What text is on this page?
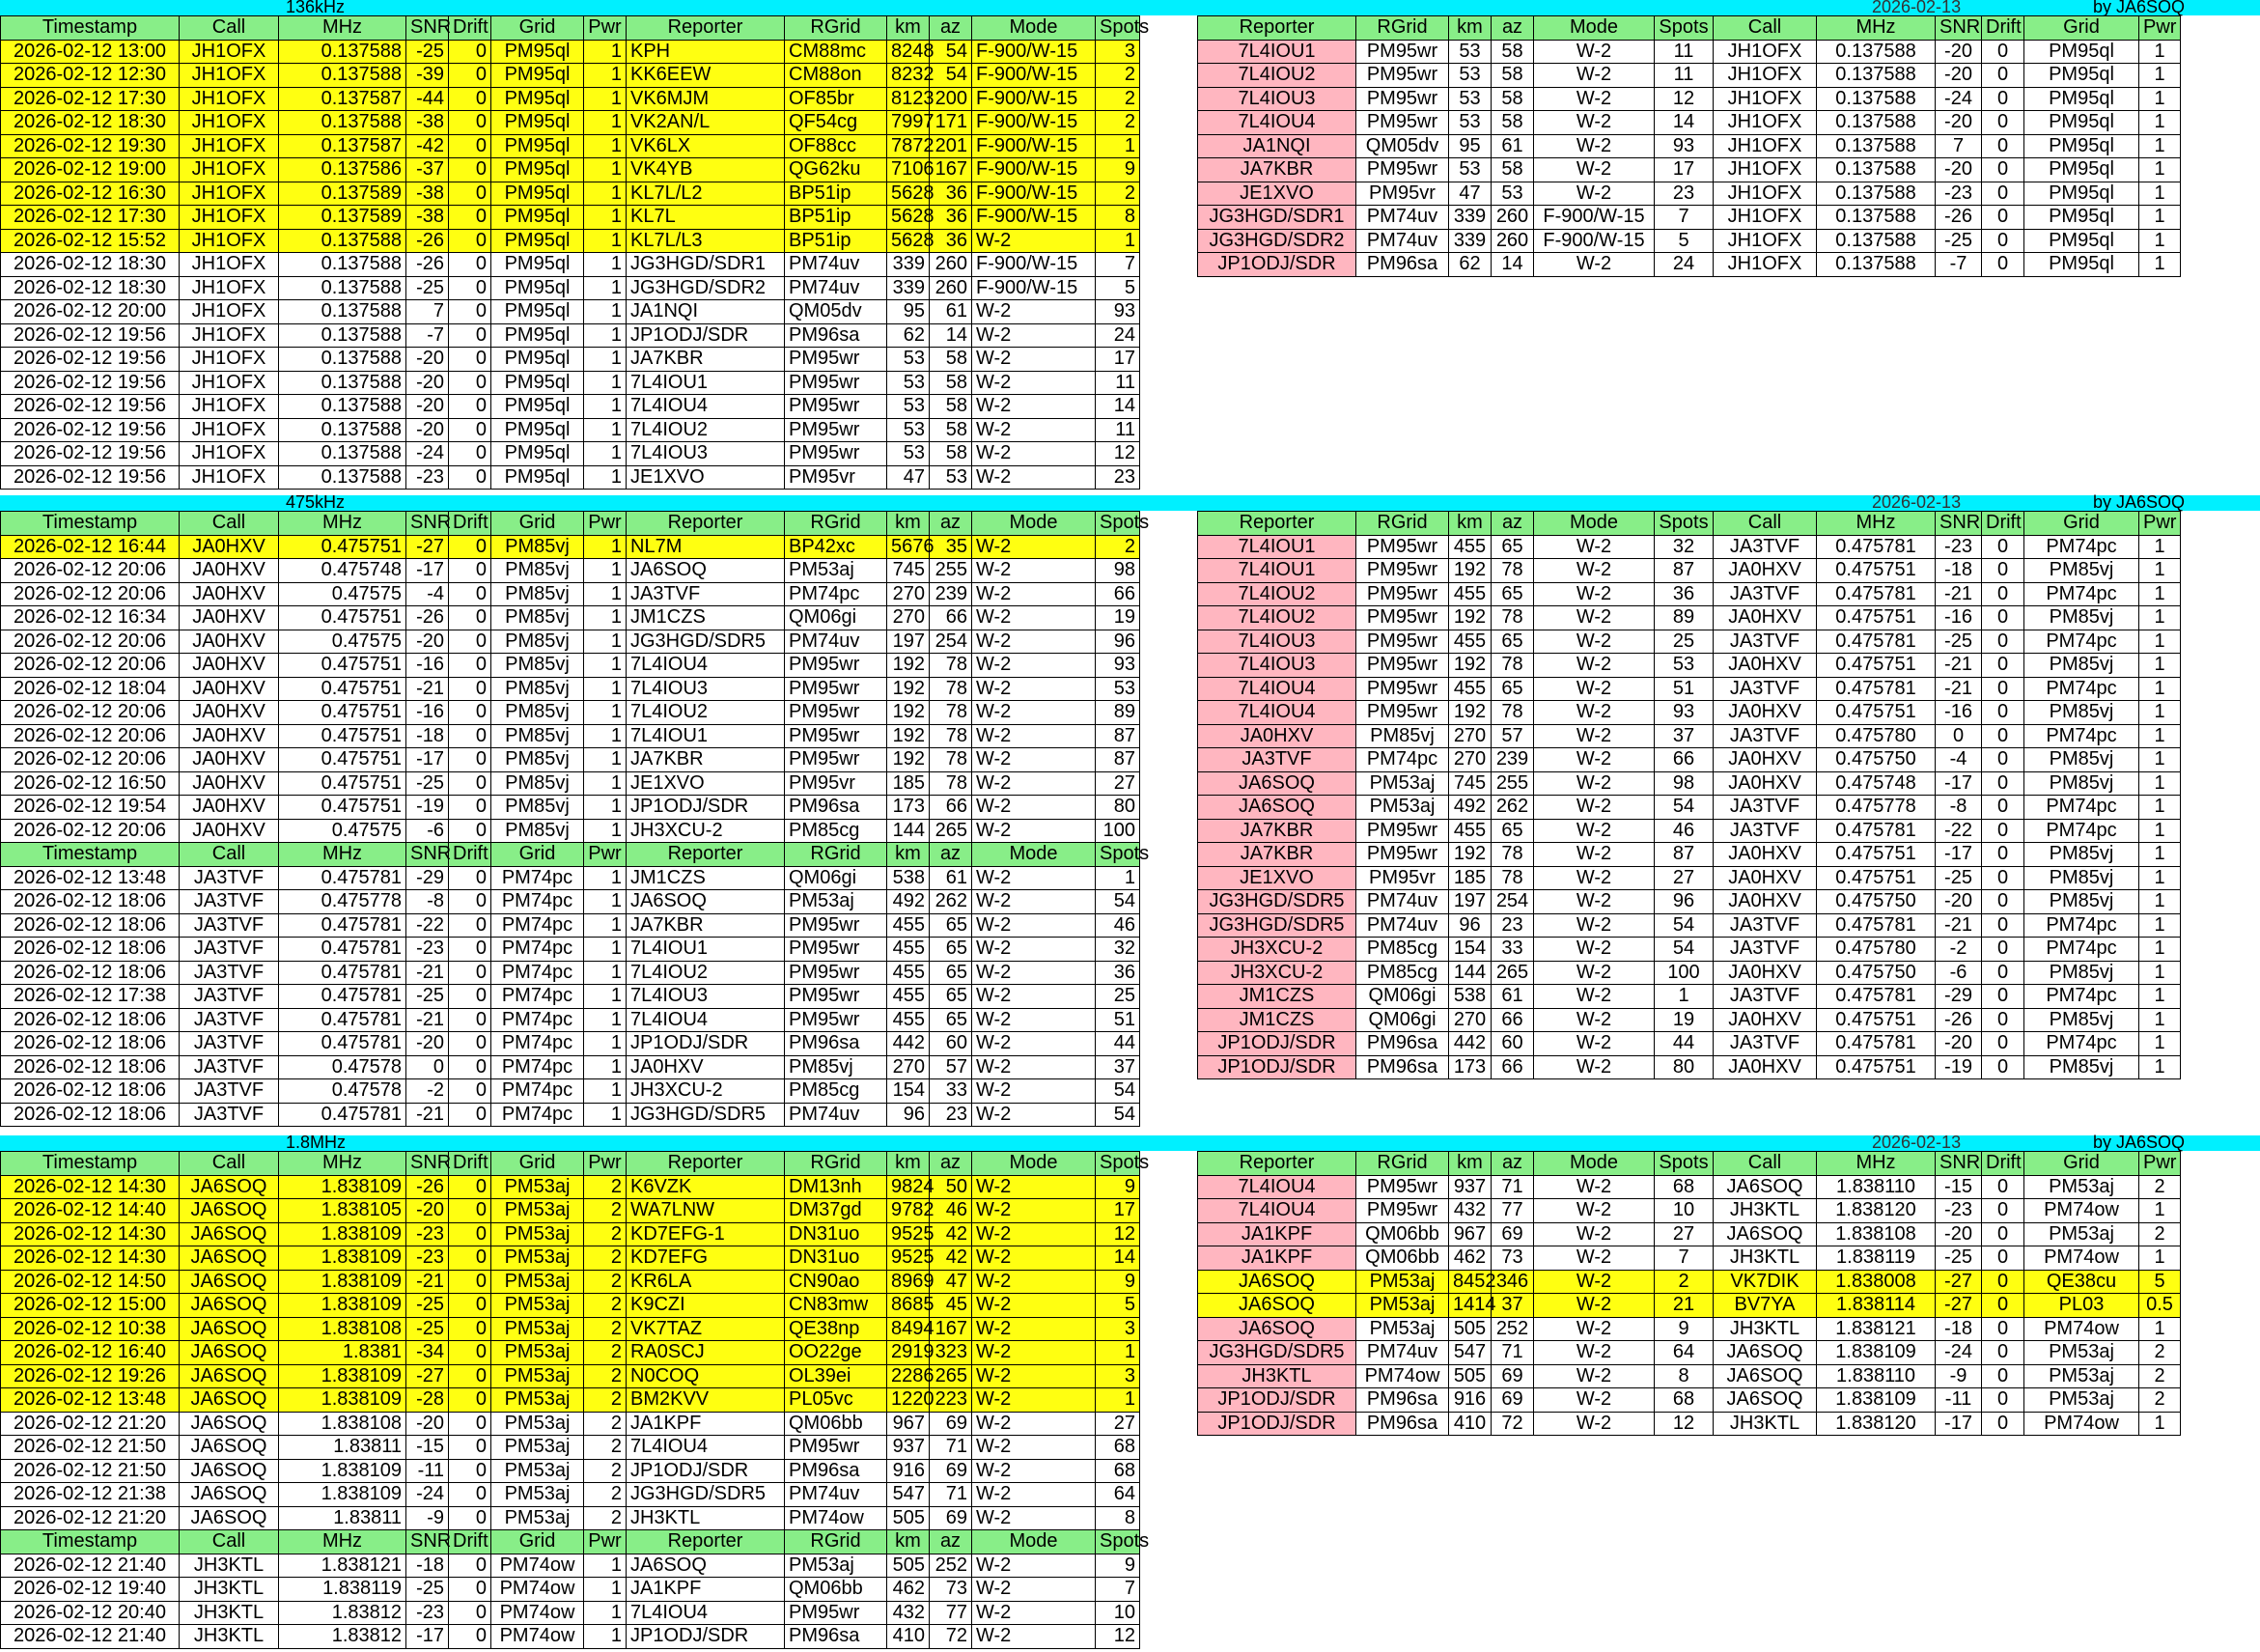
136kHz	2026-02-13	by JA6SOQ
Timestamp	Call	MHz	SNR	Drift	Grid	Pwr	Reporter	RGrid	km	az	Mode	Spots
2026-02-12 13:00	JH1OFX	0.137588	-25	0	PM95ql	1	KPH	CM88mc	8248	54	F-900/W-15	3
2026-02-12 12:30	JH1OFX	0.137588	-39	0	PM95ql	1	KK6EEW	CM88on	8232	54	F-900/W-15	2
2026-02-12 17:30	JH1OFX	0.137587	-44	0	PM95ql	1	VK6MJM	OF85br	8123	200	F-900/W-15	2
2026-02-12 18:30	JH1OFX	0.137588	-38	0	PM95ql	1	VK2AN/L	QF54cg	7997	171	F-900/W-15	2
2026-02-12 19:30	JH1OFX	0.137587	-42	0	PM95ql	1	VK6LX	OF88cc	7872	201	F-900/W-15	1
2026-02-12 19:00	JH1OFX	0.137586	-37	0	PM95ql	1	VK4YB	QG62ku	7106	167	F-900/W-15	9
2026-02-12 16:30	JH1OFX	0.137589	-38	0	PM95ql	1	KL7L/L2	BP51ip	5628	36	F-900/W-15	2
2026-02-12 17:30	JH1OFX	0.137589	-38	0	PM95ql	1	KL7L	BP51ip	5628	36	F-900/W-15	8
2026-02-12 15:52	JH1OFX	0.137588	-26	0	PM95ql	1	KL7L/L3	BP51ip	5628	36	W-2	1
2026-02-12 18:30	JH1OFX	0.137588	-26	0	PM95ql	1	JG3HGD/SDR1	PM74uv	339	260	F-900/W-15	7
2026-02-12 18:30	JH1OFX	0.137588	-25	0	PM95ql	1	JG3HGD/SDR2	PM74uv	339	260	F-900/W-15	5
2026-02-12 20:00	JH1OFX	0.137588	7	0	PM95ql	1	JA1NQI	QM05dv	95	61	W-2	93
2026-02-12 19:56	JH1OFX	0.137588	-7	0	PM95ql	1	JP1ODJ/SDR	PM96sa	62	14	W-2	24
2026-02-12 19:56	JH1OFX	0.137588	-20	0	PM95ql	1	JA7KBR	PM95wr	53	58	W-2	17
2026-02-12 19:56	JH1OFX	0.137588	-20	0	PM95ql	1	7L4IOU1	PM95wr	53	58	W-2	11
2026-02-12 19:56	JH1OFX	0.137588	-20	0	PM95ql	1	7L4IOU4	PM95wr	53	58	W-2	14
2026-02-12 19:56	JH1OFX	0.137588	-20	0	PM95ql	1	7L4IOU2	PM95wr	53	58	W-2	11
2026-02-12 19:56	JH1OFX	0.137588	-24	0	PM95ql	1	7L4IOU3	PM95wr	53	58	W-2	12
2026-02-12 19:56	JH1OFX	0.137588	-23	0	PM95ql	1	JE1XVO	PM95vr	47	53	W-2	23
Reporter	RGrid	km	az	Mode	Spots	Call	MHz	SNR	Drift	Grid	Pwr
7L4IOU1	PM95wr	53	58	W-2	11	JH1OFX	0.137588	-20	0	PM95ql	1
7L4IOU2	PM95wr	53	58	W-2	11	JH1OFX	0.137588	-20	0	PM95ql	1
7L4IOU3	PM95wr	53	58	W-2	12	JH1OFX	0.137588	-24	0	PM95ql	1
7L4IOU4	PM95wr	53	58	W-2	14	JH1OFX	0.137588	-20	0	PM95ql	1
JA1NQI	QM05dv	95	61	W-2	93	JH1OFX	0.137588	7	0	PM95ql	1
JA7KBR	PM95wr	53	58	W-2	17	JH1OFX	0.137588	-20	0	PM95ql	1
JE1XVO	PM95vr	47	53	W-2	23	JH1OFX	0.137588	-23	0	PM95ql	1
JG3HGD/SDR1	PM74uv	339	260	F-900/W-15	7	JH1OFX	0.137588	-26	0	PM95ql	1
JG3HGD/SDR2	PM74uv	339	260	F-900/W-15	5	JH1OFX	0.137588	-25	0	PM95ql	1
JP1ODJ/SDR	PM96sa	62	14	W-2	24	JH1OFX	0.137588	-7	0	PM95ql	1
475kHz	2026-02-13	by JA6SOQ
Timestamp	Call	MHz	SNR	Drift	Grid	Pwr	Reporter	RGrid	km	az	Mode	Spots
2026-02-12 16:44	JA0HXV	0.475751	-27	0	PM85vj	1	NL7M	BP42xc	5676	35	W-2	2
2026-02-12 20:06	JA0HXV	0.475748	-17	0	PM85vj	1	JA6SOQ	PM53aj	745	255	W-2	98
2026-02-12 20:06	JA0HXV	0.47575	-4	0	PM85vj	1	JA3TVF	PM74pc	270	239	W-2	66
2026-02-12 16:34	JA0HXV	0.475751	-26	0	PM85vj	1	JM1CZS	QM06gi	270	66	W-2	19
2026-02-12 20:06	JA0HXV	0.47575	-20	0	PM85vj	1	JG3HGD/SDR5	PM74uv	197	254	W-2	96
2026-02-12 20:06	JA0HXV	0.475751	-16	0	PM85vj	1	7L4IOU4	PM95wr	192	78	W-2	93
2026-02-12 18:04	JA0HXV	0.475751	-21	0	PM85vj	1	7L4IOU3	PM95wr	192	78	W-2	53
2026-02-12 20:06	JA0HXV	0.475751	-16	0	PM85vj	1	7L4IOU2	PM95wr	192	78	W-2	89
2026-02-12 20:06	JA0HXV	0.475751	-18	0	PM85vj	1	7L4IOU1	PM95wr	192	78	W-2	87
2026-02-12 20:06	JA0HXV	0.475751	-17	0	PM85vj	1	JA7KBR	PM95wr	192	78	W-2	87
2026-02-12 16:50	JA0HXV	0.475751	-25	0	PM85vj	1	JE1XVO	PM95vr	185	78	W-2	27
2026-02-12 19:54	JA0HXV	0.475751	-19	0	PM85vj	1	JP1ODJ/SDR	PM96sa	173	66	W-2	80
2026-02-12 20:06	JA0HXV	0.47575	-6	0	PM85vj	1	JH3XCU-2	PM85cg	144	265	W-2	100
Timestamp	Call	MHz	SNR	Drift	Grid	Pwr	Reporter	RGrid	km	az	Mode	Spots
2026-02-12 13:48	JA3TVF	0.475781	-29	0	PM74pc	1	JM1CZS	QM06gi	538	61	W-2	1
2026-02-12 18:06	JA3TVF	0.475778	-8	0	PM74pc	1	JA6SOQ	PM53aj	492	262	W-2	54
2026-02-12 18:06	JA3TVF	0.475781	-22	0	PM74pc	1	JA7KBR	PM95wr	455	65	W-2	46
2026-02-12 18:06	JA3TVF	0.475781	-23	0	PM74pc	1	7L4IOU1	PM95wr	455	65	W-2	32
2026-02-12 18:06	JA3TVF	0.475781	-21	0	PM74pc	1	7L4IOU2	PM95wr	455	65	W-2	36
2026-02-12 17:38	JA3TVF	0.475781	-25	0	PM74pc	1	7L4IOU3	PM95wr	455	65	W-2	25
2026-02-12 18:06	JA3TVF	0.475781	-21	0	PM74pc	1	7L4IOU4	PM95wr	455	65	W-2	51
2026-02-12 18:06	JA3TVF	0.475781	-20	0	PM74pc	1	JP1ODJ/SDR	PM96sa	442	60	W-2	44
2026-02-12 18:06	JA3TVF	0.47578	0	0	PM74pc	1	JA0HXV	PM85vj	270	57	W-2	37
2026-02-12 18:06	JA3TVF	0.47578	-2	0	PM74pc	1	JH3XCU-2	PM85cg	154	33	W-2	54
2026-02-12 18:06	JA3TVF	0.475781	-21	0	PM74pc	1	JG3HGD/SDR5	PM74uv	96	23	W-2	54
Reporter	RGrid	km	az	Mode	Spots	Call	MHz	SNR	Drift	Grid	Pwr
7L4IOU1	PM95wr	455	65	W-2	32	JA3TVF	0.475781	-23	0	PM74pc	1
7L4IOU1	PM95wr	192	78	W-2	87	JA0HXV	0.475751	-18	0	PM85vj	1
7L4IOU2	PM95wr	455	65	W-2	36	JA3TVF	0.475781	-21	0	PM74pc	1
7L4IOU2	PM95wr	192	78	W-2	89	JA0HXV	0.475751	-16	0	PM85vj	1
7L4IOU3	PM95wr	455	65	W-2	25	JA3TVF	0.475781	-25	0	PM74pc	1
7L4IOU3	PM95wr	192	78	W-2	53	JA0HXV	0.475751	-21	0	PM85vj	1
7L4IOU4	PM95wr	455	65	W-2	51	JA3TVF	0.475781	-21	0	PM74pc	1
7L4IOU4	PM95wr	192	78	W-2	93	JA0HXV	0.475751	-16	0	PM85vj	1
JA0HXV	PM85vj	270	57	W-2	37	JA3TVF	0.475780	0	0	PM74pc	1
JA3TVF	PM74pc	270	239	W-2	66	JA0HXV	0.475750	-4	0	PM85vj	1
JA6SOQ	PM53aj	745	255	W-2	98	JA0HXV	0.475748	-17	0	PM85vj	1
JA6SOQ	PM53aj	492	262	W-2	54	JA3TVF	0.475778	-8	0	PM74pc	1
JA7KBR	PM95wr	455	65	W-2	46	JA3TVF	0.475781	-22	0	PM74pc	1
JA7KBR	PM95wr	192	78	W-2	87	JA0HXV	0.475751	-17	0	PM85vj	1
JE1XVO	PM95vr	185	78	W-2	27	JA0HXV	0.475751	-25	0	PM85vj	1
JG3HGD/SDR5	PM74uv	197	254	W-2	96	JA0HXV	0.475750	-20	0	PM85vj	1
JG3HGD/SDR5	PM74uv	96	23	W-2	54	JA3TVF	0.475781	-21	0	PM74pc	1
JH3XCU-2	PM85cg	154	33	W-2	54	JA3TVF	0.475780	-2	0	PM74pc	1
JH3XCU-2	PM85cg	144	265	W-2	100	JA0HXV	0.475750	-6	0	PM85vj	1
JM1CZS	QM06gi	538	61	W-2	1	JA3TVF	0.475781	-29	0	PM74pc	1
JM1CZS	QM06gi	270	66	W-2	19	JA0HXV	0.475751	-26	0	PM85vj	1
JP1ODJ/SDR	PM96sa	442	60	W-2	44	JA3TVF	0.475781	-20	0	PM74pc	1
JP1ODJ/SDR	PM96sa	173	66	W-2	80	JA0HXV	0.475751	-19	0	PM85vj	1
1.8MHz	2026-02-13	by JA6SOQ
Timestamp	Call	MHz	SNR	Drift	Grid	Pwr	Reporter	RGrid	km	az	Mode	Spots
2026-02-12 14:30	JA6SOQ	1.838109	-26	0	PM53aj	2	K6VZK	DM13nh	9824	50	W-2	9
2026-02-12 14:40	JA6SOQ	1.838105	-20	0	PM53aj	2	WA7LNW	DM37gd	9782	46	W-2	17
2026-02-12 14:30	JA6SOQ	1.838109	-23	0	PM53aj	2	KD7EFG-1	DN31uo	9525	42	W-2	12
2026-02-12 14:30	JA6SOQ	1.838109	-23	0	PM53aj	2	KD7EFG	DN31uo	9525	42	W-2	14
2026-02-12 14:50	JA6SOQ	1.838109	-21	0	PM53aj	2	KR6LA	CN90ao	8969	47	W-2	9
2026-02-12 15:00	JA6SOQ	1.838109	-25	0	PM53aj	2	K9CZI	CN83mw	8685	45	W-2	5
2026-02-12 10:38	JA6SOQ	1.838108	-25	0	PM53aj	2	VK7TAZ	QE38np	8494	167	W-2	3
2026-02-12 16:40	JA6SOQ	1.8381	-34	0	PM53aj	2	RA0SCJ	OO22ge	2919	323	W-2	1
2026-02-12 19:26	JA6SOQ	1.838109	-27	0	PM53aj	2	N0COQ	OL39ei	2286	265	W-2	3
2026-02-12 13:48	JA6SOQ	1.838109	-28	0	PM53aj	2	BM2KVV	PL05vc	1220	223	W-2	1
2026-02-12 21:20	JA6SOQ	1.838108	-20	0	PM53aj	2	JA1KPF	QM06bb	967	69	W-2	27
2026-02-12 21:50	JA6SOQ	1.83811	-15	0	PM53aj	2	7L4IOU4	PM95wr	937	71	W-2	68
2026-02-12 21:50	JA6SOQ	1.838109	-11	0	PM53aj	2	JP1ODJ/SDR	PM96sa	916	69	W-2	68
2026-02-12 21:38	JA6SOQ	1.838109	-24	0	PM53aj	2	JG3HGD/SDR5	PM74uv	547	71	W-2	64
2026-02-12 21:20	JA6SOQ	1.83811	-9	0	PM53aj	2	JH3KTL	PM74ow	505	69	W-2	8
Timestamp	Call	MHz	SNR	Drift	Grid	Pwr	Reporter	RGrid	km	az	Mode	Spots
2026-02-12 21:40	JH3KTL	1.838121	-18	0	PM74ow	1	JA6SOQ	PM53aj	505	252	W-2	9
2026-02-12 19:40	JH3KTL	1.838119	-25	0	PM74ow	1	JA1KPF	QM06bb	462	73	W-2	7
2026-02-12 20:40	JH3KTL	1.83812	-23	0	PM74ow	1	7L4IOU4	PM95wr	432	77	W-2	10
2026-02-12 21:40	JH3KTL	1.83812	-17	0	PM74ow	1	JP1ODJ/SDR	PM96sa	410	72	W-2	12
Reporter	RGrid	km	az	Mode	Spots	Call	MHz	SNR	Drift	Grid	Pwr
7L4IOU4	PM95wr	937	71	W-2	68	JA6SOQ	1.838110	-15	0	PM53aj	2
7L4IOU4	PM95wr	432	77	W-2	10	JH3KTL	1.838120	-23	0	PM74ow	1
JA1KPF	QM06bb	967	69	W-2	27	JA6SOQ	1.838108	-20	0	PM53aj	2
JA1KPF	QM06bb	462	73	W-2	7	JH3KTL	1.838119	-25	0	PM74ow	1
JA6SOQ	PM53aj	8452	346	W-2	2	VK7DIK	1.838008	-27	0	QE38cu	5
JA6SOQ	PM53aj	1414	37	W-2	21	BV7YA	1.838114	-27	0	PL03	0.5
JA6SOQ	PM53aj	505	252	W-2	9	JH3KTL	1.838121	-18	0	PM74ow	1
JG3HGD/SDR5	PM74uv	547	71	W-2	64	JA6SOQ	1.838109	-24	0	PM53aj	2
JH3KTL	PM74ow	505	69	W-2	8	JA6SOQ	1.838110	-9	0	PM53aj	2
JP1ODJ/SDR	PM96sa	916	69	W-2	68	JA6SOQ	1.838109	-11	0	PM53aj	2
JP1ODJ/SDR	PM96sa	410	72	W-2	12	JH3KTL	1.838120	-17	0	PM74ow	1
